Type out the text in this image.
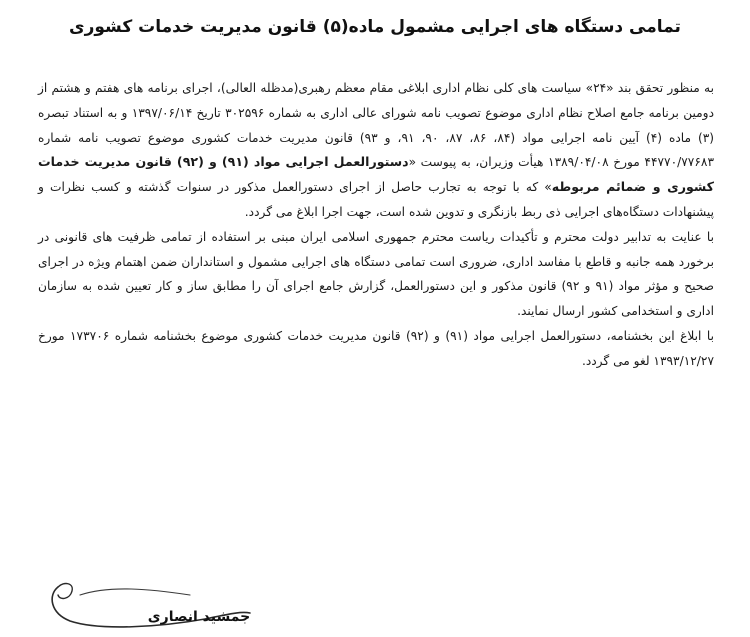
تمامی دستگاه های اجرایی مشمول ماده(۵) قانون مدیریت خدمات کشوری

به منظور تحقق بند «۲۴» سیاست های کلی نظام اداری ابلاغی مقام معظم رهبری(مدظله العالی)، اجرای برنامه های هفتم و هشتم از دومین برنامه جامع اصلاح نظام اداری موضوع تصویب نامه شورای عالی اداری به شماره ۳۰۲۵۹۶ تاریخ ۱۳۹۷/۰۶/۱۴ و به استناد تبصره (۳) ماده (۴) آیین نامه اجرایی مواد (۸۴، ۸۶، ۸۷، ۹۰، ۹۱، و ۹۳) قانون مدیریت خدمات کشوری موضوع تصویب نامه شماره ۴۴۷۷۰/۷۷۶۸۳ مورخ ۱۳۸۹/۰۴/۰۸ هیأت وزیران، به پیوست «دستورالعمل اجرایی مواد (۹۱) و (۹۲) قانون مدیریت خدمات کشوری و ضمائم مربوطه» که با توجه به تجارب حاصل از اجرای دستورالعمل مذکور در سنوات گذشته و کسب نظرات و پیشنهادات دستگاه‌های اجرایی ذی ربط بازنگری و تدوین شده است، جهت اجرا ابلاغ می گردد.

با عنایت به تدابیر دولت محترم و تأکیدات ریاست محترم جمهوری اسلامی ایران مبنی بر استفاده از تمامی ظرفیت های قانونی در برخورد همه جانبه و قاطع با مفاسد اداری، ضروری است تمامی دستگاه های اجرایی مشمول و استانداران ضمن اهتمام ویژه در اجرای صحیح و مؤثر مواد (۹۱ و ۹۲) قانون مذکور و این دستورالعمل، گزارش جامع اجرای آن را مطابق ساز و کار تعیین شده به سازمان اداری و استخدامی کشور ارسال نمایند.

با ابلاغ این بخشنامه، دستورالعمل اجرایی مواد (۹۱) و (۹۲) قانون مدیریت خدمات کشوری موضوع بخشنامه شماره ۱۷۳۷۰۶ مورخ ۱۳۹۳/۱۲/۲۷ لغو می گردد.

جمشید انصاری
